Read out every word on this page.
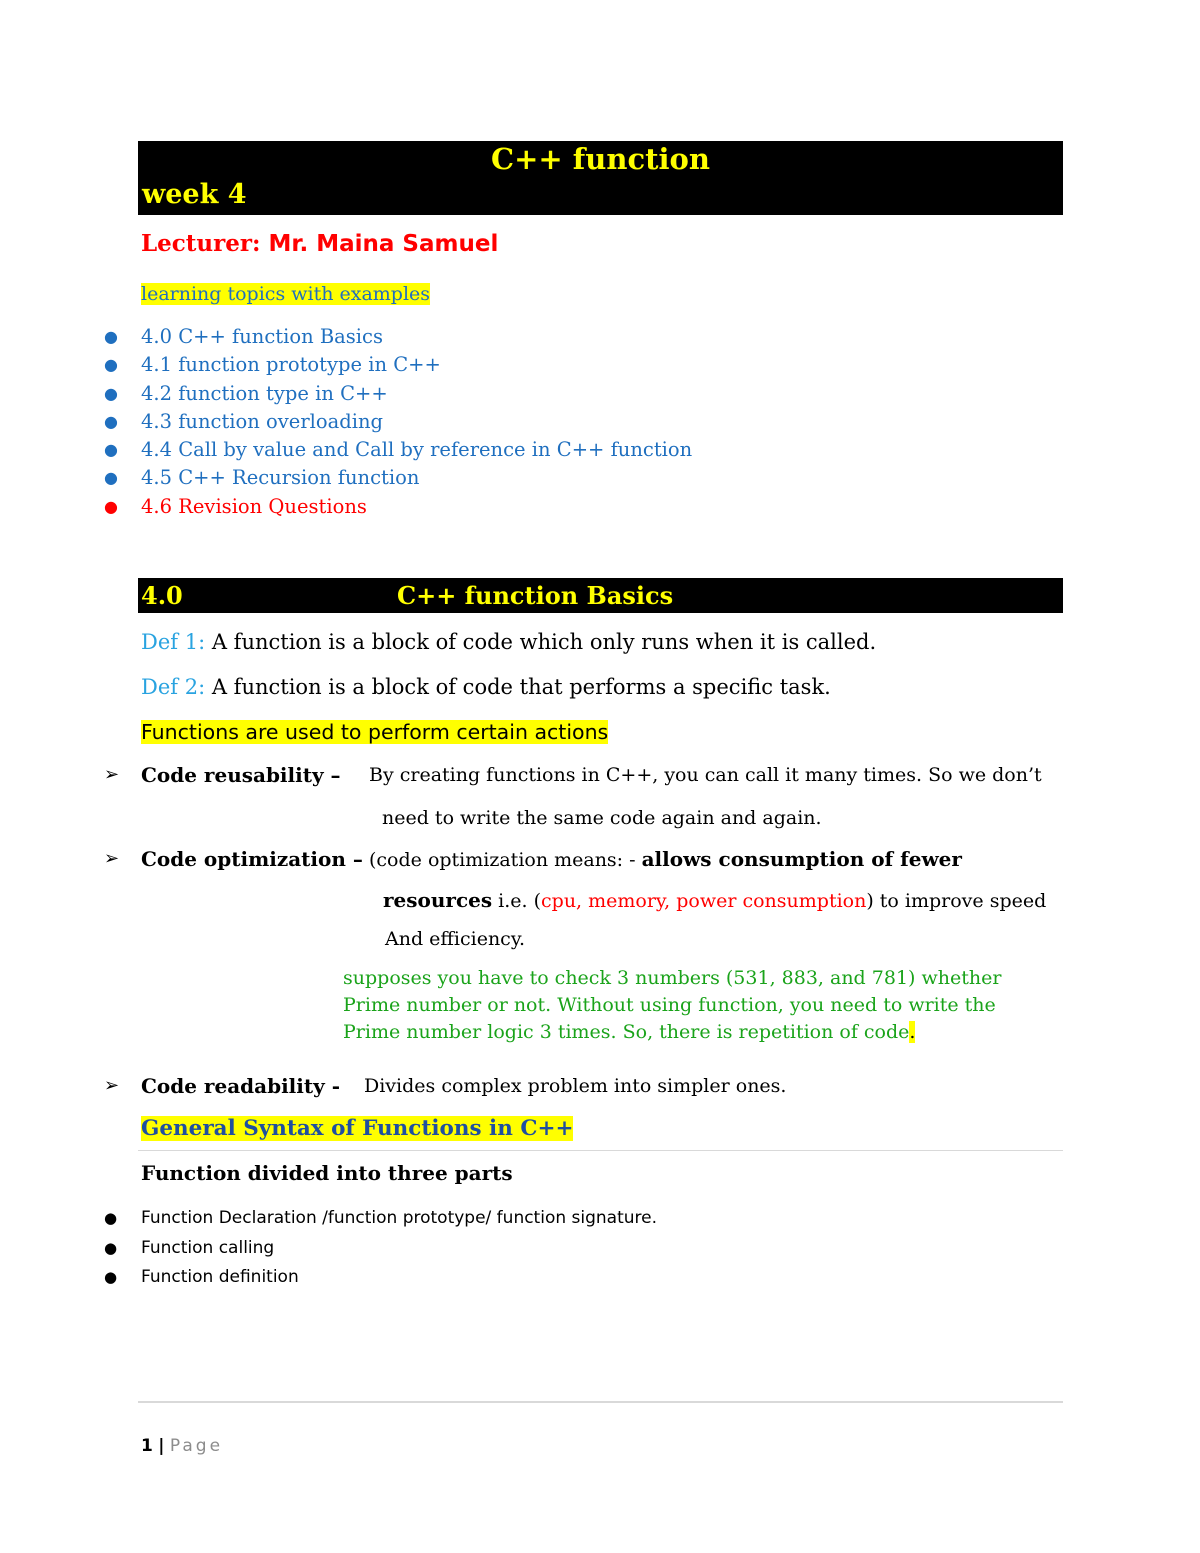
C++ function
week 4
Lecturer: Mr. Maina Samuel
learning topics with examples
● 4.0 C++ function Basics
● 4.1 function prototype in C++
● 4.2 function type in C++
● 4.3 function overloading
● 4.4 Call by value and Call by reference in C++ function
● 4.5 C++ Recursion function
● 4.6 Revision Questions
4.0	C++ function Basics
Def 1: A function is a block of code which only runs when it is called.
Def 2: A function is a block of code that performs a specific task.
Functions are used to perform certain actions
➢ Code reusability – By creating functions in C++, you can call it many times. So we don’t
need to write the same code again and again.
➢ Code optimization – (code optimization means: - allows consumption of fewer
resources i.e. (cpu, memory, power consumption) to improve speed
And efficiency.
supposes you have to check 3 numbers (531, 883, and 781) whether
Prime number or not. Without using function, you need to write the
Prime number logic 3 times. So, there is repetition of code.
➢ Code readability - Divides complex problem into simpler ones.
General Syntax of Functions in C++
Function divided into three parts
● Function Declaration /function prototype/ function signature.
● Function calling
● Function definition
1 | Page
